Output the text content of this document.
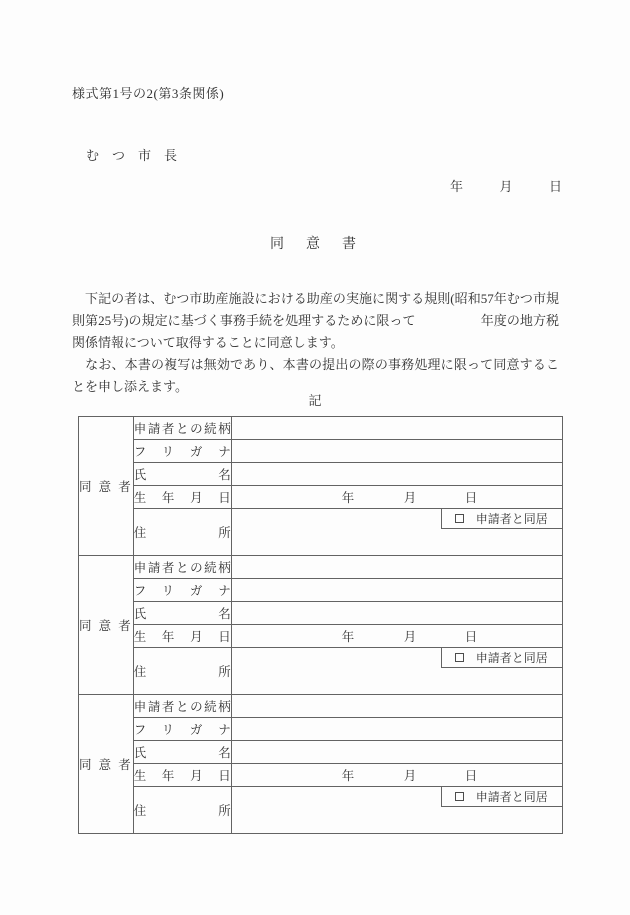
様式第1号の2(第3条関係)
む　つ　市　長
年	月	日
同　意　書
　下記の者は、むつ市助産施設における助産の実施に関する規則(昭和57年むつ市規則第25号)の規定に基づく事務手続を処理するために限って　　　　　年度の地方税関係情報について取得することに同意します。
　なお、本書の複写は無効であり、本書の提出の際の事務処理に限って同意することを申し添えます。
記
同 意 者	申請者との続柄	
	フリガナ	
	氏名	
	生年月日	年 月 日

	住所	申請者と同居

同 意 者	申請者との続柄	
	フリガナ	
	氏名	
	生年月日	年 月 日

	住所	申請者と同居

同 意 者	申請者との続柄	
	フリガナ	
	氏名	
	生年月日	年 月 日

	住所	申請者と同居
